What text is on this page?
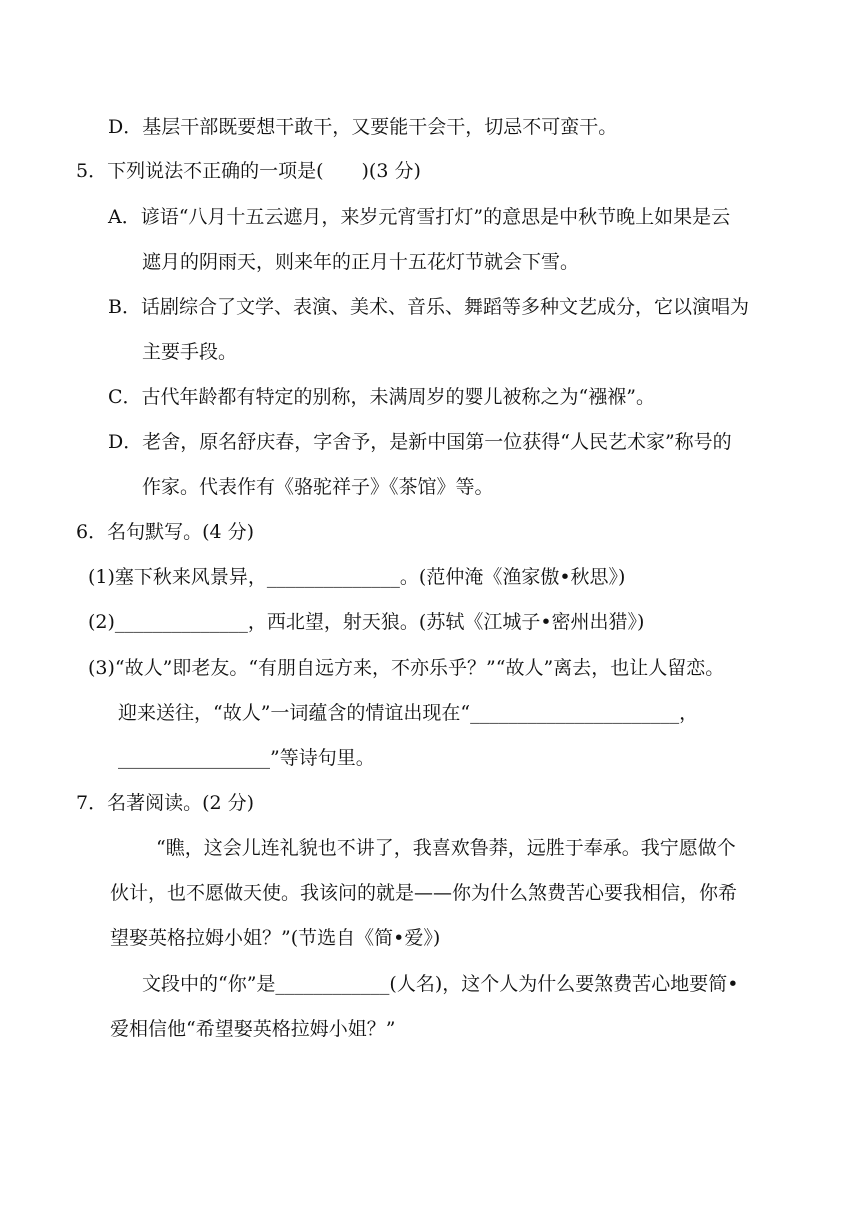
D．基层干部既要想干敢干，又要能干会干，切忌不可蛮干。

5．下列说法不正确的一项是(　　)(3 分)

A．谚语“八月十五云遮月，来岁元宵雪打灯”的意思是中秋节晚上如果是云

遮月的阴雨天，则来年的正月十五花灯节就会下雪。

B．话剧综合了文学、表演、美术、音乐、舞蹈等多种文艺成分，它以演唱为

主要手段。

C．古代年龄都有特定的别称，未满周岁的婴儿被称之为“襁褓”。

D．老舍，原名舒庆春，字舍予，是新中国第一位获得“人民艺术家”称号的

作家。代表作有《骆驼祥子》《茶馆》等。

6．名句默写。(4 分)

(1)塞下秋来风景异，______________。(范仲淹《渔家傲•秋思》)

(2)______________，西北望，射天狼。(苏轼《江城子•密州出猎》)

(3)“故人”即老友。“有朋自远方来，不亦乐乎？”“故人”离去，也让人留恋。

迎来送往，“故人”一词蕴含的情谊出现在“______________________，

________________”等诗句里。

7．名著阅读。(2 分)

“瞧，这会儿连礼貌也不讲了，我喜欢鲁莽，远胜于奉承。我宁愿做个

伙计，也不愿做天使。我该问的就是——你为什么煞费苦心要我相信，你希

望娶英格拉姆小姐？”(节选自《简•爱》)

文段中的“你”是____________(人名)，这个人为什么要煞费苦心地要简•

爱相信他“希望娶英格拉姆小姐？”
